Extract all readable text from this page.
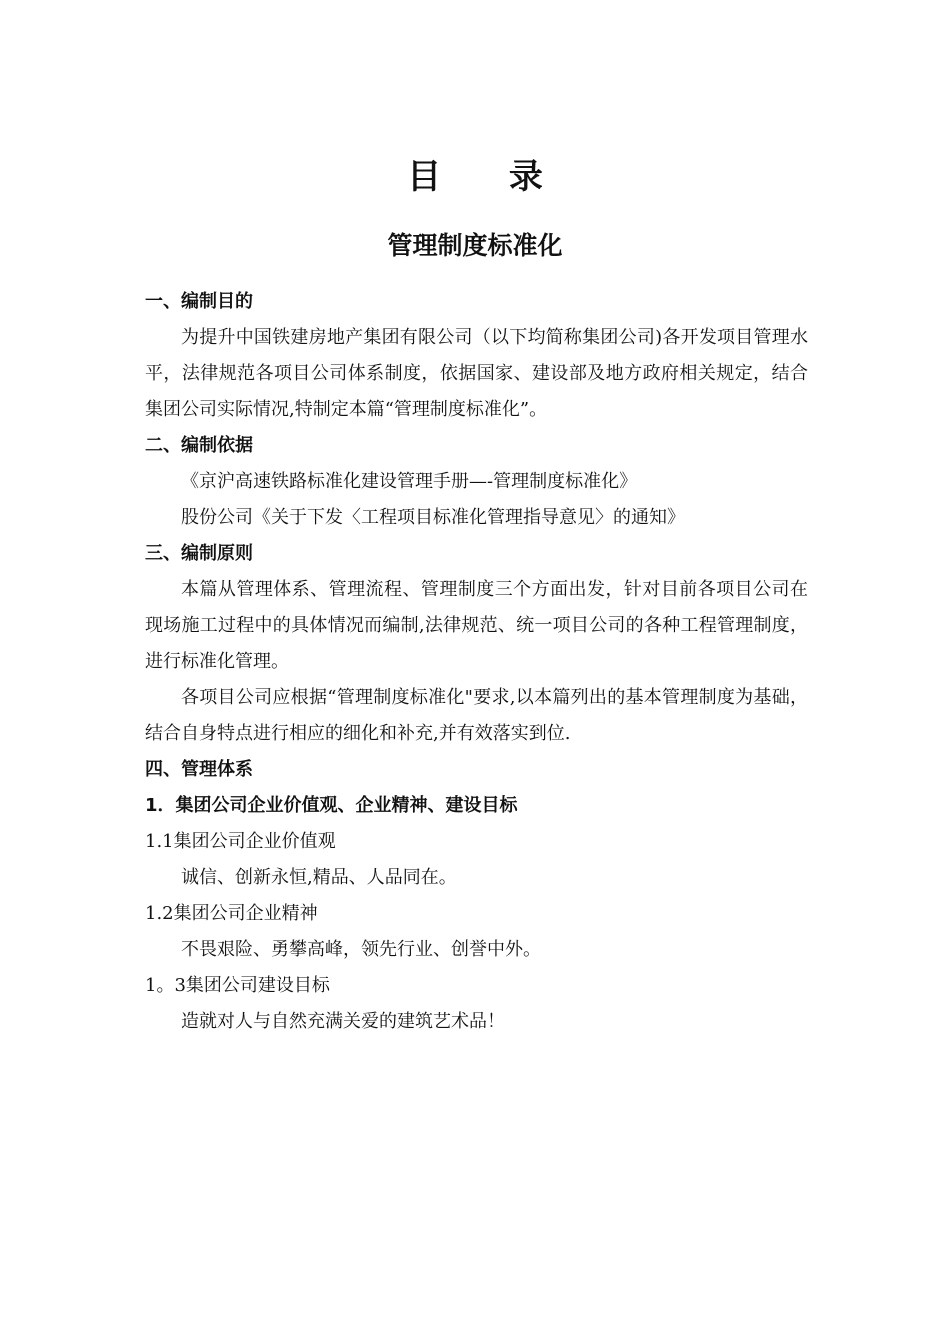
目 录
管理制度标准化
一、编制目的
为提升中国铁建房地产集团有限公司（以下均简称集团公司)各开发项目管理水平，法律规范各项目公司体系制度，依据国家、建设部及地方政府相关规定，结合集团公司实际情况,特制定本篇“管理制度标准化”。
二、编制依据
《京沪高速铁路标准化建设管理手册—-管理制度标准化》
股份公司《关于下发〈工程项目标准化管理指导意见〉的通知》
三、编制原则
本篇从管理体系、管理流程、管理制度三个方面出发，针对目前各项目公司在现场施工过程中的具体情况而编制,法律规范、统一项目公司的各种工程管理制度，进行标准化管理。
各项目公司应根据“管理制度标准化"要求,以本篇列出的基本管理制度为基础，结合自身特点进行相应的细化和补充,并有效落实到位.
四、管理体系
1．集团公司企业价值观、企业精神、建设目标
1.1集团公司企业价值观
诚信、创新永恒,精品、人品同在。
1.2集团公司企业精神
不畏艰险、勇攀高峰，领先行业、创誉中外。
1。3集团公司建设目标
造就对人与自然充满关爱的建筑艺术品！
